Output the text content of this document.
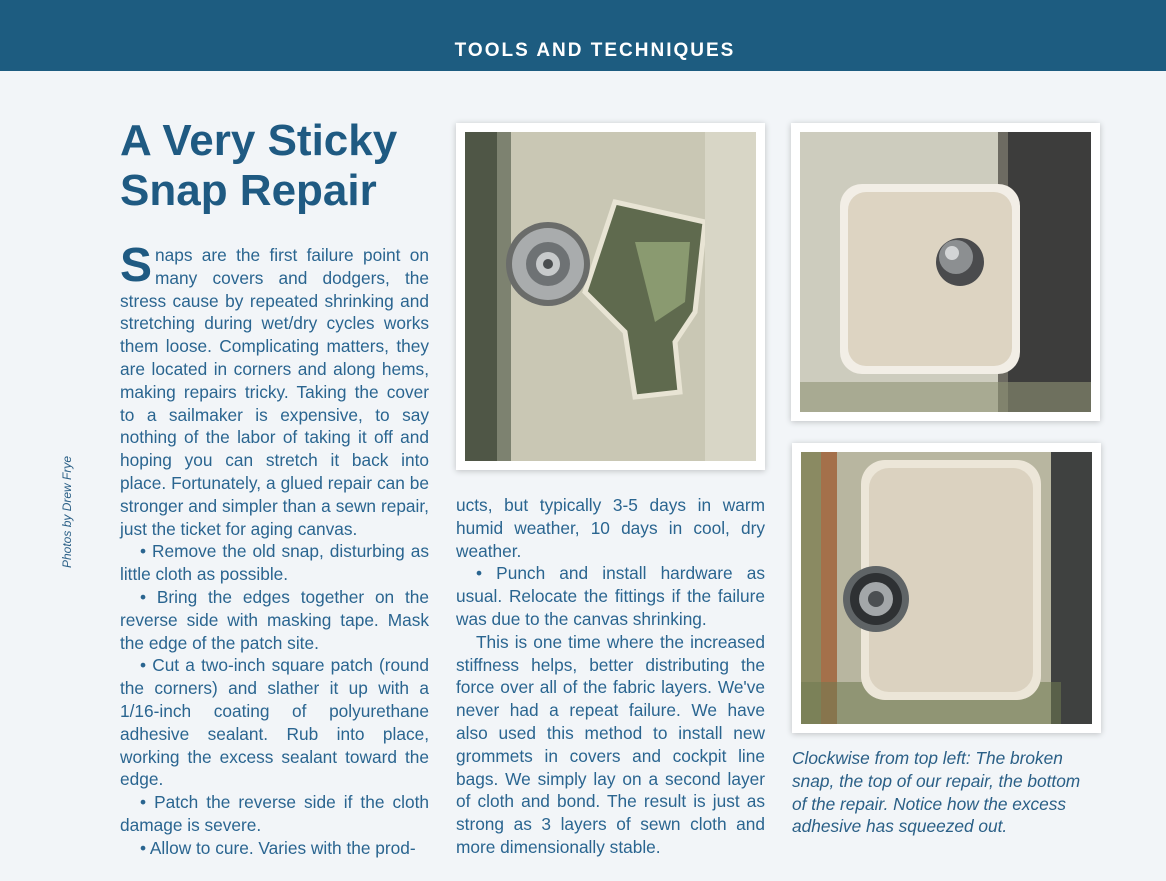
TOOLS AND TECHNIQUES
A Very Sticky Snap Repair
Photos by Drew Frye

Snaps are the first failure point on many covers and dodgers, the stress cause by repeated shrinking and stretching during wet/dry cycles works them loose. Complicating matters, they are located in corners and along hems, making repairs tricky. Taking the cover to a sailmaker is expensive, to say nothing of the labor of taking it off and hoping you can stretch it back into place. Fortunately, a glued repair can be stronger and simpler than a sewn repair, just the ticket for aging canvas.

• Remove the old snap, disturbing as little cloth as possible.

• Bring the edges together on the reverse side with masking tape. Mask the edge of the patch site.

• Cut a two-inch square patch (round the corners) and slather it up with a 1/16-inch coating of polyurethane adhesive sealant. Rub into place, working the excess sealant toward the edge.

• Patch the reverse side if the cloth damage is severe.

• Allow to cure. Varies with the prod-

ucts, but typically 3-5 days in warm humid weather, 10 days in cool, dry weather.

• Punch and install hardware as usual. Relocate the fittings if the failure was due to the canvas shrinking.

This is one time where the increased stiffness helps, better distributing the force over all of the fabric layers. We've never had a repeat failure. We have also used this method to install new grommets in covers and cockpit line bags. We simply lay on a second layer of cloth and bond. The result is just as strong as 3 layers of sewn cloth and more dimensionally stable.

Clockwise from top left: The broken snap, the top of our repair, the bottom of the repair. Notice how the excess adhesive has squeezed out.
